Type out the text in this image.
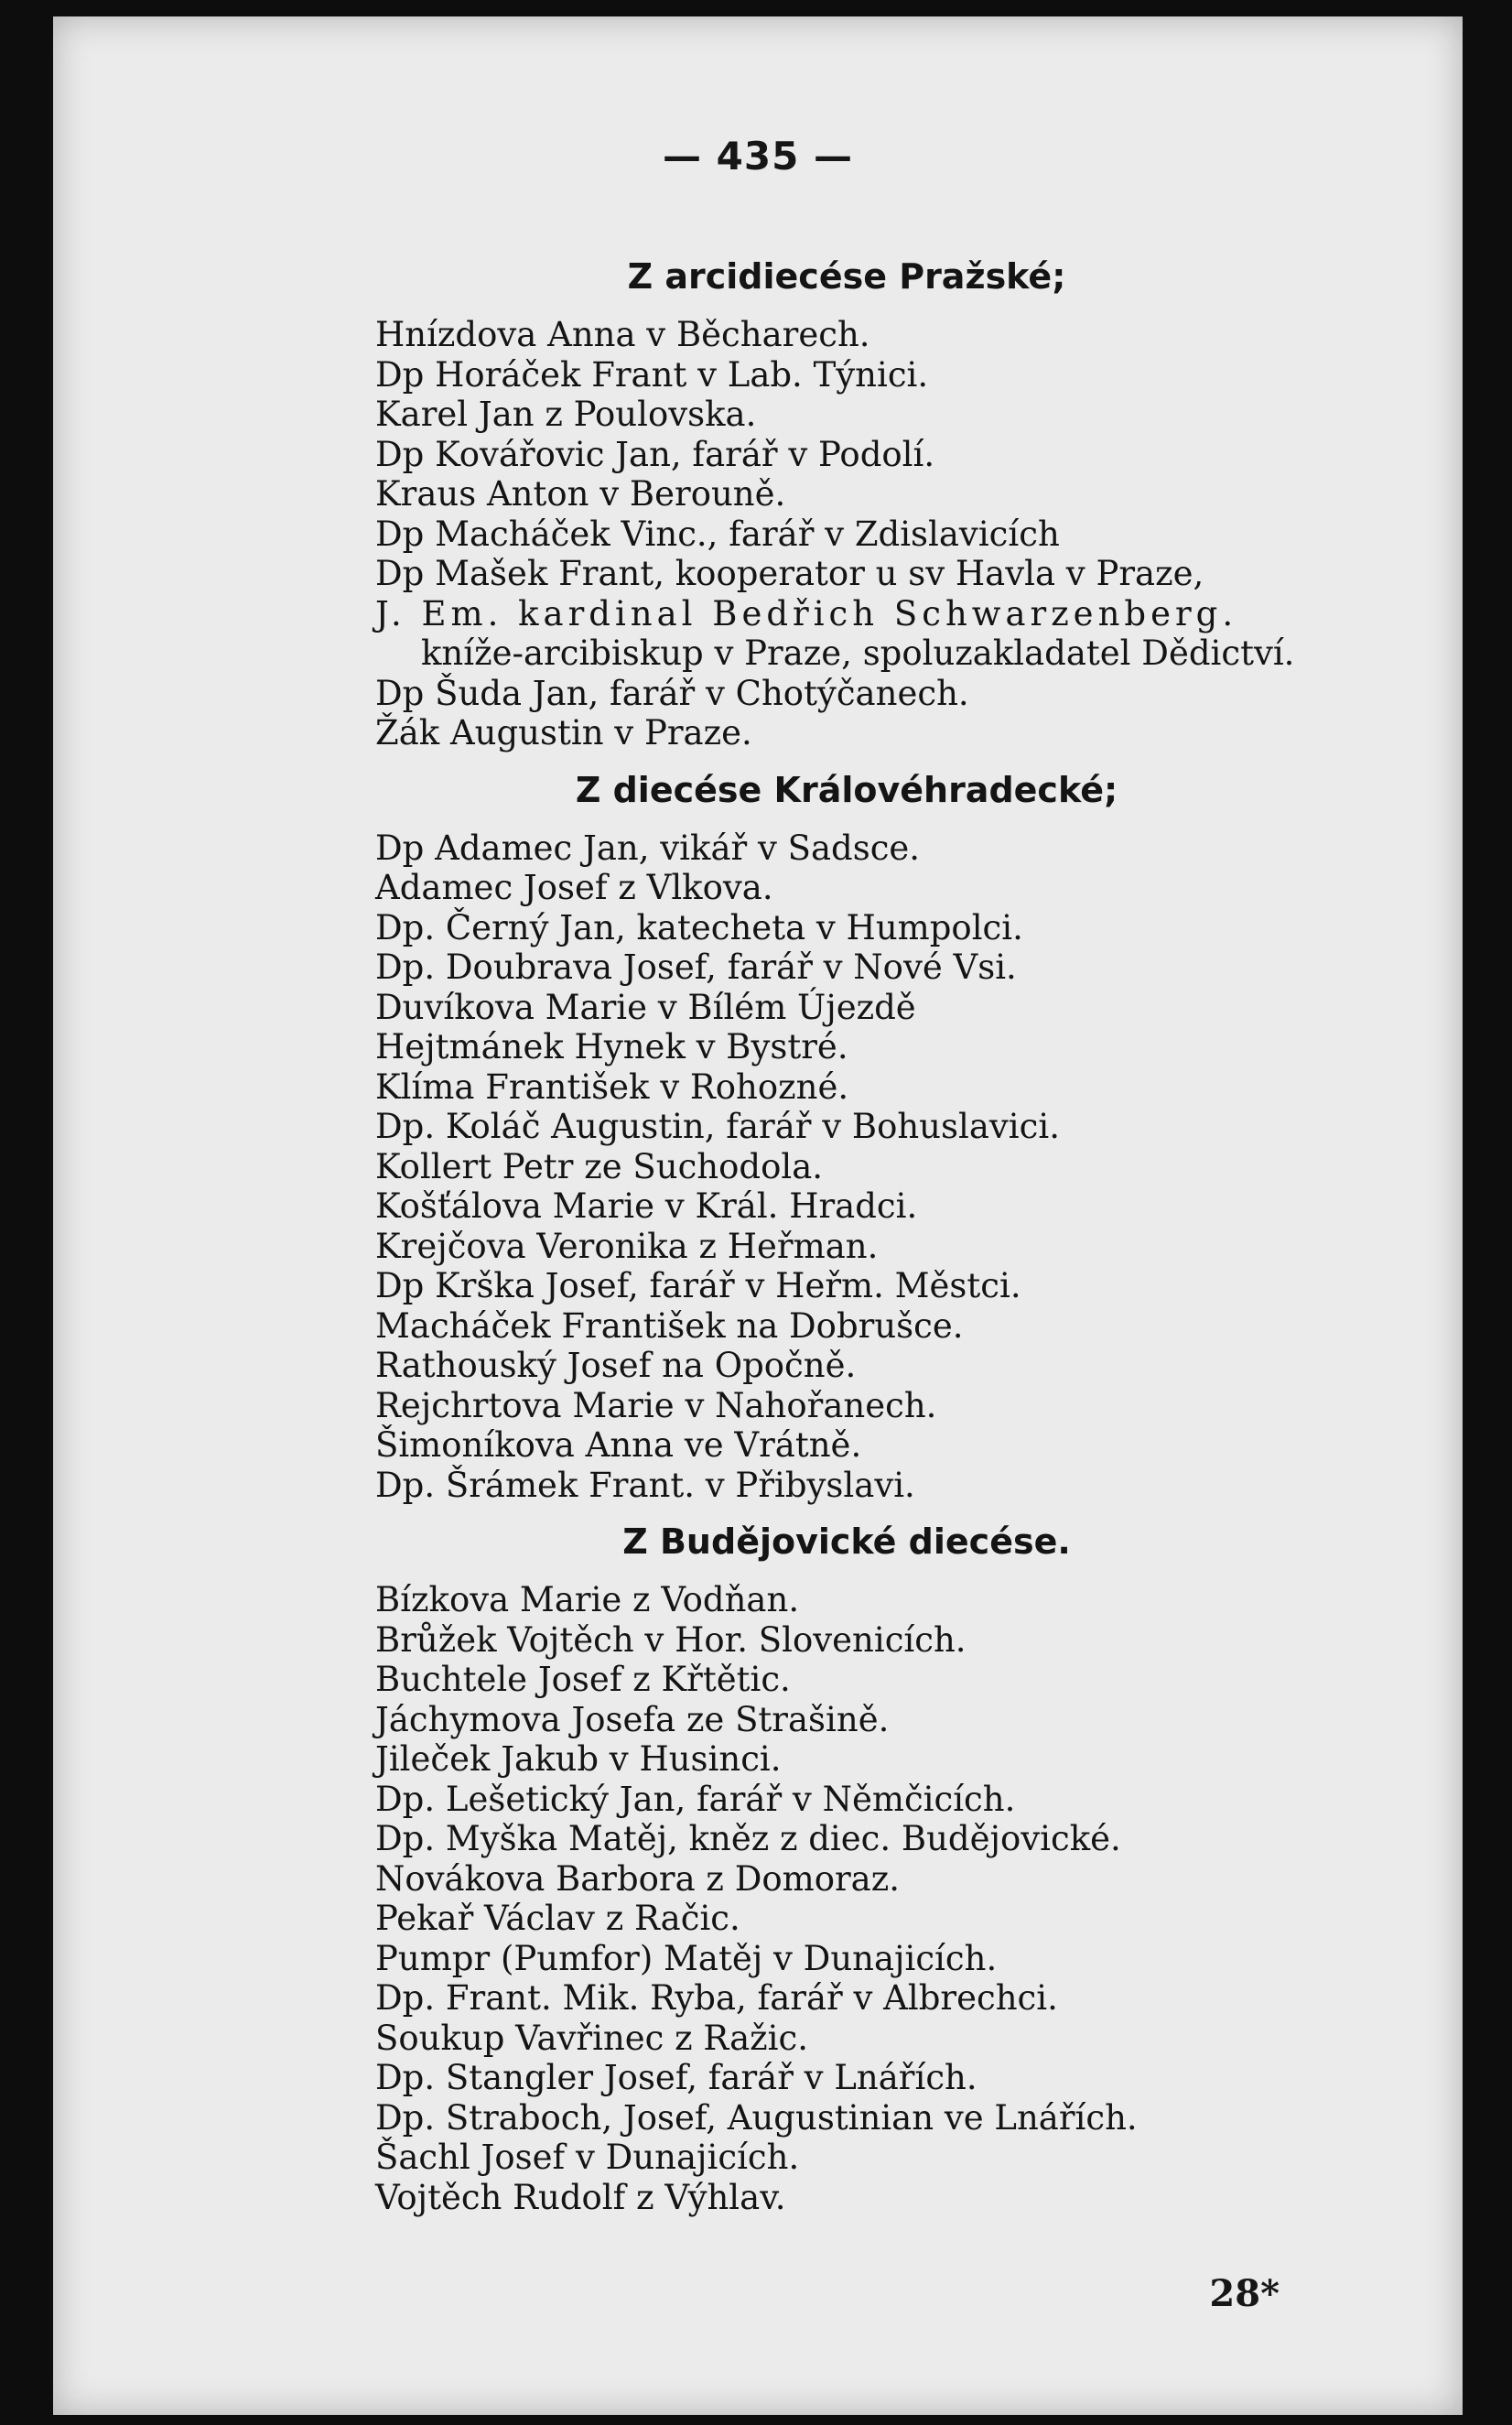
— 435 —
Z arcidiecése Pražské;
Hnízdova Anna v Běcharech.
Dp Horáček Frant v Lab. Týnici.
Karel Jan z Poulovska.
Dp Kovářovic Jan, farář v Podolí.
Kraus Anton v Berouně.
Dp Macháček Vinc., farář v Zdislavicích
Dp Mašek Frant, kooperator u sv Havla v Praze,
J. Em. kardinal Bedřich Schwarzenberg.
kníže-arcibiskup v Praze, spoluzakladatel Dědictví.
Dp Šuda Jan, farář v Chotýčanech.
Žák Augustin v Praze.
Z diecése Královéhradecké;
Dp Adamec Jan, vikář v Sadsce.
Adamec Josef z Vlkova.
Dp. Černý Jan, katecheta v Humpolci.
Dp. Doubrava Josef, farář v Nové Vsi.
Duvíkova Marie v Bílém Újezdě
Hejtmánek Hynek v Bystré.
Klíma František v Rohozné.
Dp. Koláč Augustin, farář v Bohuslavici.
Kollert Petr ze Suchodola.
Košťálova Marie v Král. Hradci.
Krejčova Veronika z Heřman.
Dp Krška Josef, farář v Heřm. Městci.
Macháček František na Dobrušce.
Rathouský Josef na Opočně.
Rejchrtova Marie v Nahořanech.
Šimoníkova Anna ve Vrátně.
Dp. Šrámek Frant. v Přibyslavi.
Z Budějovické diecése.
Bízkova Marie z Vodňan.
Brůžek Vojtěch v Hor. Slovenicích.
Buchtele Josef z Křtětic.
Jáchymova Josefa ze Strašině.
Jileček Jakub v Husinci.
Dp. Lešetický Jan, farář v Němčicích.
Dp. Myška Matěj, kněz z diec. Budějovické.
Novákova Barbora z Domoraz.
Pekař Václav z Račic.
Pumpr (Pumfor) Matěj v Dunajicích.
Dp. Frant. Mik. Ryba, farář v Albrechci.
Soukup Vavřinec z Ražic.
Dp. Stangler Josef, farář v Lnářích.
Dp. Straboch, Josef, Augustinian ve Lnářích.
Šachl Josef v Dunajicích.
Vojtěch Rudolf z Výhlav.
28*
